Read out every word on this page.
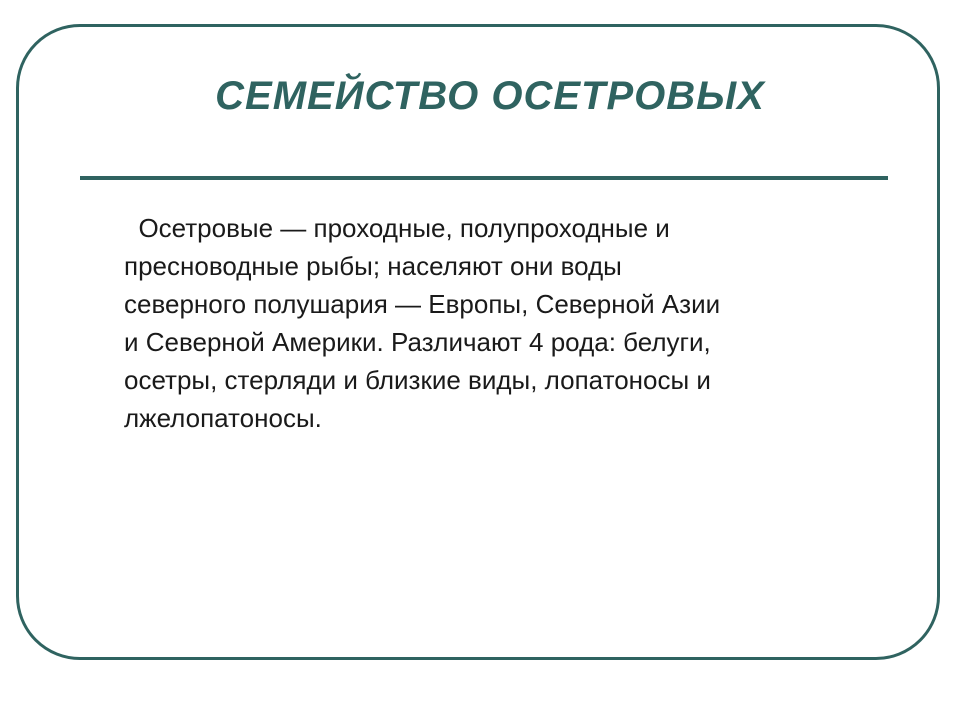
СЕМЕЙСТВО ОСЕТРОВЫХ
Осетровые — проходные, полупроходные и
пресноводные рыбы; населяют они воды
северного полушария — Европы, Северной Азии
и Северной Америки. Различают 4 рода: белуги,
осетры, стерляди и близкие виды, лопатоносы и
лжелопатоносы.
